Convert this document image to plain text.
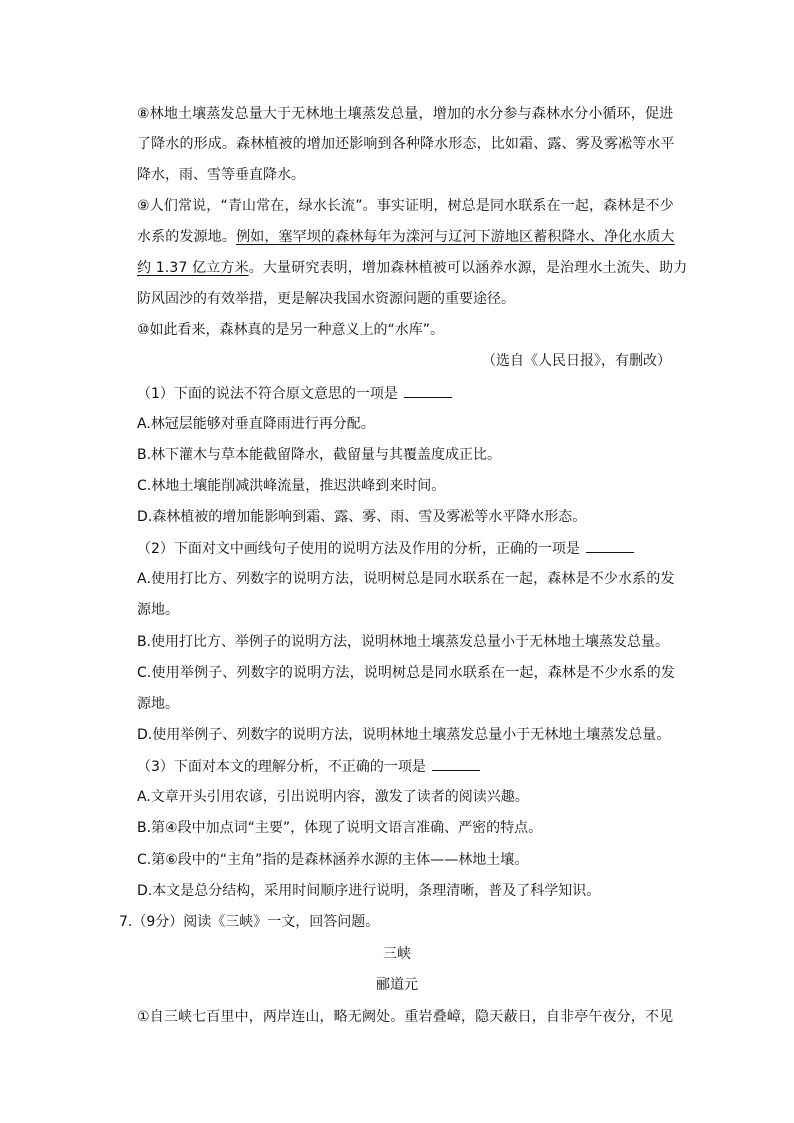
⑧林地土壤蒸发总量大于无林地土壤蒸发总量，增加的水分参与森林水分小循环，促进
了降水的形成。森林植被的增加还影响到各种降水形态，比如霜、露、雾及雾凇等水平
降水，雨、雪等垂直降水。
⑨人们常说，“青山常在，绿水长流”。事实证明，树总是同水联系在一起，森林是不少
水系的发源地。例如，塞罕坝的森林每年为滦河与辽河下游地区蓄积降水、净化水质大
约 1.37 亿立方米。大量研究表明，增加森林植被可以涵养水源，是治理水土流失、助力
防风固沙的有效举措，更是解决我国水资源问题的重要途径。
⑩如此看来，森林真的是另一种意义上的“水库”。
（选自《人民日报》，有删改）
（1）下面的说法不符合原文意思的一项是
A.林冠层能够对垂直降雨进行再分配。
B.林下灌木与草本能截留降水，截留量与其覆盖度成正比。
C.林地土壤能削减洪峰流量，推迟洪峰到来时间。
D.森林植被的增加能影响到霜、露、雾、雨、雪及雾凇等水平降水形态。
（2）下面对文中画线句子使用的说明方法及作用的分析，正确的一项是
A.使用打比方、列数字的说明方法，说明树总是同水联系在一起，森林是不少水系的发
源地。
B.使用打比方、举例子的说明方法，说明林地土壤蒸发总量小于无林地土壤蒸发总量。
C.使用举例子、列数字的说明方法，说明树总是同水联系在一起，森林是不少水系的发
源地。
D.使用举例子、列数字的说明方法，说明林地土壤蒸发总量小于无林地土壤蒸发总量。
（3）下面对本文的理解分析，不正确的一项是
A.文章开头引用农谚，引出说明内容，激发了读者的阅读兴趣。
B.第④段中加点词“主要”，体现了说明文语言准确、严密的特点。
C.第⑥段中的“主角”指的是森林涵养水源的主体——林地土壤。
D.本文是总分结构，采用时间顺序进行说明，条理清晰，普及了科学知识。
7.（9分）阅读《三峡》一文，回答问题。
三峡
郦道元
①自三峡七百里中，两岸连山，略无阙处。重岩叠嶂，隐天蔽日，自非亭午夜分，不见
